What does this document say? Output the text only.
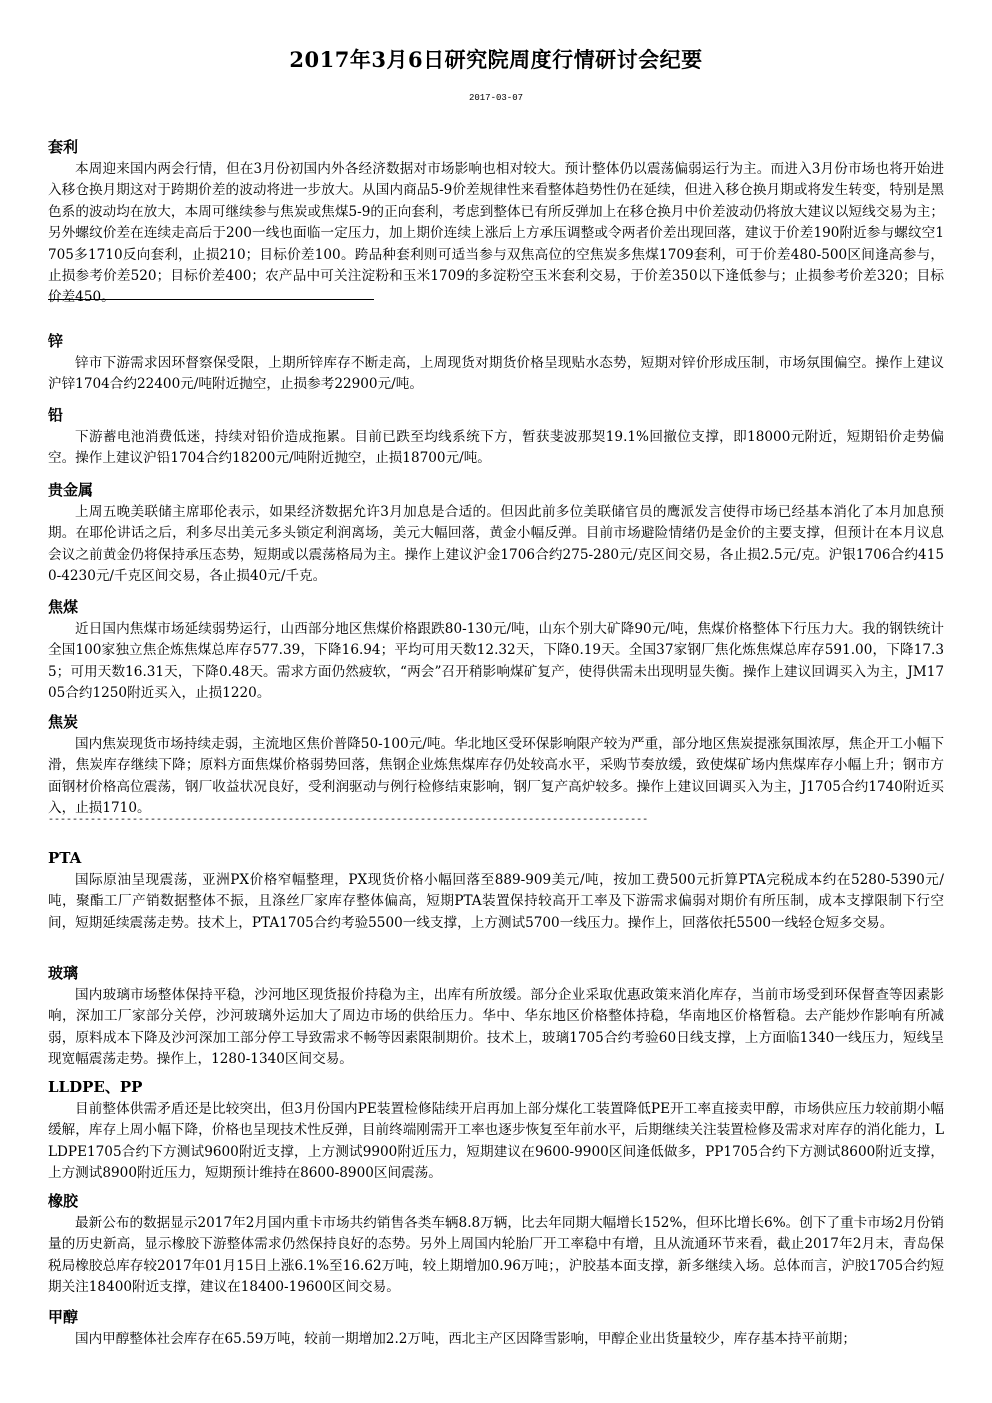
2017年3月6日研究院周度行情研讨会纪要
2017-03-07
套利
本周迎来国内两会行情，但在3月份初国内外各经济数据对市场影响也相对较大。预计整体仍以震荡偏弱运行为主。而进入3月份市场也将开始进入移仓换月期这对于跨期价差的波动将进一步放大。从国内商品5-9价差规律性来看整体趋势性仍在延续，但进入移仓换月期或将发生转变，特别是黑色系的波动均在放大，本周可继续参与焦炭或焦煤5-9的正向套利，考虑到整体已有所反弹加上在移仓换月中价差波动仍将放大建议以短线交易为主；另外螺纹价差在连续走高后于200一线也面临一定压力，加上期价连续上涨后上方承压调整或令两者价差出现回落，建议于价差190附近参与螺纹空1705多1710反向套利，止损210；目标价差100。跨品种套利则可适当参与双焦高位的空焦炭多焦煤1709套利，可于价差480-500区间逢高参与，止损参考价差520；目标价差400；农产品中可关注淀粉和玉米1709的多淀粉空玉米套利交易，于价差350以下逢低参与；止损参考价差320；目标价差450。
锌
锌市下游需求因环督察保受限，上期所锌库存不断走高，上周现货对期货价格呈现贴水态势，短期对锌价形成压制，市场氛围偏空。操作上建议沪锌1704合约22400元/吨附近抛空，止损参考22900元/吨。
铅
下游蓄电池消费低迷，持续对铅价造成拖累。目前已跌至均线系统下方，暂获斐波那契19.1%回撤位支撑，即18000元附近，短期铅价走势偏空。操作上建议沪铅1704合约18200元/吨附近抛空，止损18700元/吨。
贵金属
上周五晚美联储主席耶伦表示，如果经济数据允许3月加息是合适的。但因此前多位美联储官员的鹰派发言使得市场已经基本消化了本月加息预期。在耶伦讲话之后，利多尽出美元多头锁定利润离场，美元大幅回落，黄金小幅反弹。目前市场避险情绪仍是金价的主要支撑，但预计在本月议息会议之前黄金仍将保持承压态势，短期或以震荡格局为主。操作上建议沪金1706合约275-280元/克区间交易，各止损2.5元/克。沪银1706合约4150-4230元/千克区间交易，各止损40元/千克。
焦煤
近日国内焦煤市场延续弱势运行，山西部分地区焦煤价格跟跌80-130元/吨，山东个别大矿降90元/吨，焦煤价格整体下行压力大。我的钢铁统计全国100家独立焦企炼焦煤总库存577.39，下降16.94；平均可用天数12.32天，下降0.19天。全国37家钢厂焦化炼焦煤总库存591.00，下降17.35；可用天数16.31天，下降0.48天。需求方面仍然疲软，“两会”召开稍影响煤矿复产，使得供需未出现明显失衡。操作上建议回调买入为主，JM1705合约1250附近买入，止损1220。
焦炭
国内焦炭现货市场持续走弱，主流地区焦价普降50-100元/吨。华北地区受环保影响限产较为严重，部分地区焦炭提涨氛围浓厚，焦企开工小幅下滑，焦炭库存继续下降；原料方面焦煤价格弱势回落，焦钢企业炼焦煤库存仍处较高水平，采购节奏放缓，致使煤矿场内焦煤库存小幅上升；钢市方面钢材价格高位震荡，钢厂收益状况良好，受利润驱动与例行检修结束影响，钢厂复产高炉较多。操作上建议回调买入为主，J1705合约1740附近买入，止损1710。
----------------------------------------------------------------------------------------------------
PTA
国际原油呈现震荡，亚洲PX价格窄幅整理，PX现货价格小幅回落至889-909美元/吨，按加工费500元折算PTA完税成本约在5280-5390元/吨，聚酯工厂产销数据整体不振，且涤丝厂家库存整体偏高，短期PTA装置保持较高开工率及下游需求偏弱对期价有所压制，成本支撑限制下行空间，短期延续震荡走势。技术上，PTA1705合约考验5500一线支撑，上方测试5700一线压力。操作上，回落依托5500一线轻仓短多交易。
玻璃
国内玻璃市场整体保持平稳，沙河地区现货报价持稳为主，出库有所放缓。部分企业采取优惠政策来消化库存，当前市场受到环保督查等因素影响，深加工厂家部分关停，沙河玻璃外运加大了周边市场的供给压力。华中、华东地区价格整体持稳，华南地区价格暂稳。去产能炒作影响有所减弱，原料成本下降及沙河深加工部分停工导致需求不畅等因素限制期价。技术上，玻璃1705合约考验60日线支撑，上方面临1340一线压力，短线呈现宽幅震荡走势。操作上，1280-1340区间交易。
LLDPE、PP
目前整体供需矛盾还是比较突出，但3月份国内PE装置检修陆续开启再加上部分煤化工装置降低PE开工率直接卖甲醇，市场供应压力较前期小幅缓解，库存上周小幅下降，价格也呈现技术性反弹，目前终端刚需开工率也逐步恢复至年前水平，后期继续关注装置检修及需求对库存的消化能力，LLDPE1705合约下方测试9600附近支撑，上方测试9900附近压力，短期建议在9600-9900区间逢低做多，PP1705合约下方测试8600附近支撑，上方测试8900附近压力，短期预计维持在8600-8900区间震荡。
橡胶
最新公布的数据显示2017年2月国内重卡市场共约销售各类车辆8.8万辆，比去年同期大幅增长152%，但环比增长6%。创下了重卡市场2月份销量的历史新高，显示橡胶下游整体需求仍然保持良好的态势。另外上周国内轮胎厂开工率稳中有增，且从流通环节来看，截止2017年2月末，青岛保税局橡胶总库存较2017年01月15日上涨6.1%至16.62万吨，较上期增加0.96万吨；，沪胶基本面支撑，新多继续入场。总体而言，沪胶1705合约短期关注18400附近支撑，建议在18400-19600区间交易。
甲醇
国内甲醇整体社会库存在65.59万吨，较前一期增加2.2万吨，西北主产区因降雪影响，甲醇企业出货量较少，库存基本持平前期；
